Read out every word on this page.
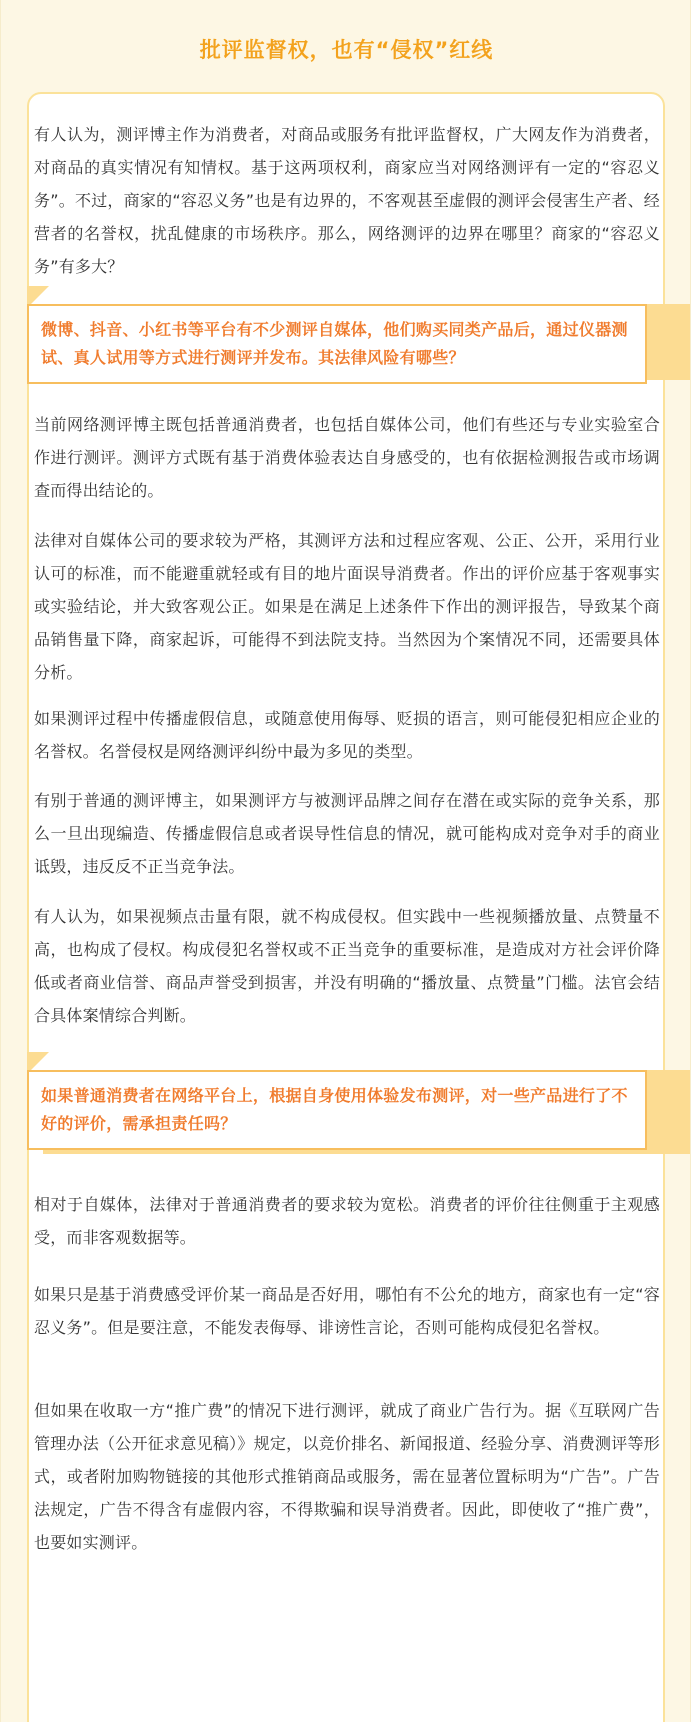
批评监督权，也有“侵权”红线

有人认为，测评博主作为消费者，对商品或服务有批评监督权，广大网友作为消费者，对商品的真实情况有知情权。基于这两项权利，商家应当对网络测评有一定的“容忍义务”。不过，商家的“容忍义务”也是有边界的，不客观甚至虚假的测评会侵害生产者、经营者的名誉权，扰乱健康的市场秩序。那么，网络测评的边界在哪里？商家的“容忍义务”有多大？

微博、抖音、小红书等平台有不少测评自媒体，他们购买同类产品后，通过仪器测试、真人试用等方式进行测评并发布。其法律风险有哪些？

当前网络测评博主既包括普通消费者，也包括自媒体公司，他们有些还与专业实验室合作进行测评。测评方式既有基于消费体验表达自身感受的，也有依据检测报告或市场调查而得出结论的。

法律对自媒体公司的要求较为严格，其测评方法和过程应客观、公正、公开，采用行业认可的标准，而不能避重就轻或有目的地片面误导消费者。作出的评价应基于客观事实或实验结论，并大致客观公正。如果是在满足上述条件下作出的测评报告，导致某个商品销售量下降，商家起诉，可能得不到法院支持。当然因为个案情况不同，还需要具体分析。

如果测评过程中传播虚假信息，或随意使用侮辱、贬损的语言，则可能侵犯相应企业的名誉权。名誉侵权是网络测评纠纷中最为多见的类型。

有别于普通的测评博主，如果测评方与被测评品牌之间存在潜在或实际的竞争关系，那么一旦出现编造、传播虚假信息或者误导性信息的情况，就可能构成对竞争对手的商业诋毁，违反反不正当竞争法。

有人认为，如果视频点击量有限，就不构成侵权。但实践中一些视频播放量、点赞量不高，也构成了侵权。构成侵犯名誉权或不正当竞争的重要标准，是造成对方社会评价降低或者商业信誉、商品声誉受到损害，并没有明确的“播放量、点赞量”门槛。法官会结合具体案情综合判断。

如果普通消费者在网络平台上，根据自身使用体验发布测评，对一些产品进行了不好的评价，需承担责任吗？

相对于自媒体，法律对于普通消费者的要求较为宽松。消费者的评价往往侧重于主观感受，而非客观数据等。

如果只是基于消费感受评价某一商品是否好用，哪怕有不公允的地方，商家也有一定“容忍义务”。但是要注意，不能发表侮辱、诽谤性言论，否则可能构成侵犯名誉权。

但如果在收取一方“推广费”的情况下进行测评，就成了商业广告行为。据《互联网广告管理办法（公开征求意见稿）》规定，以竞价排名、新闻报道、经验分享、消费测评等形式，或者附加购物链接的其他形式推销商品或服务，需在显著位置标明为“广告”。广告法规定，广告不得含有虚假内容，不得欺骗和误导消费者。因此，即使收了“推广费”，也要如实测评。
